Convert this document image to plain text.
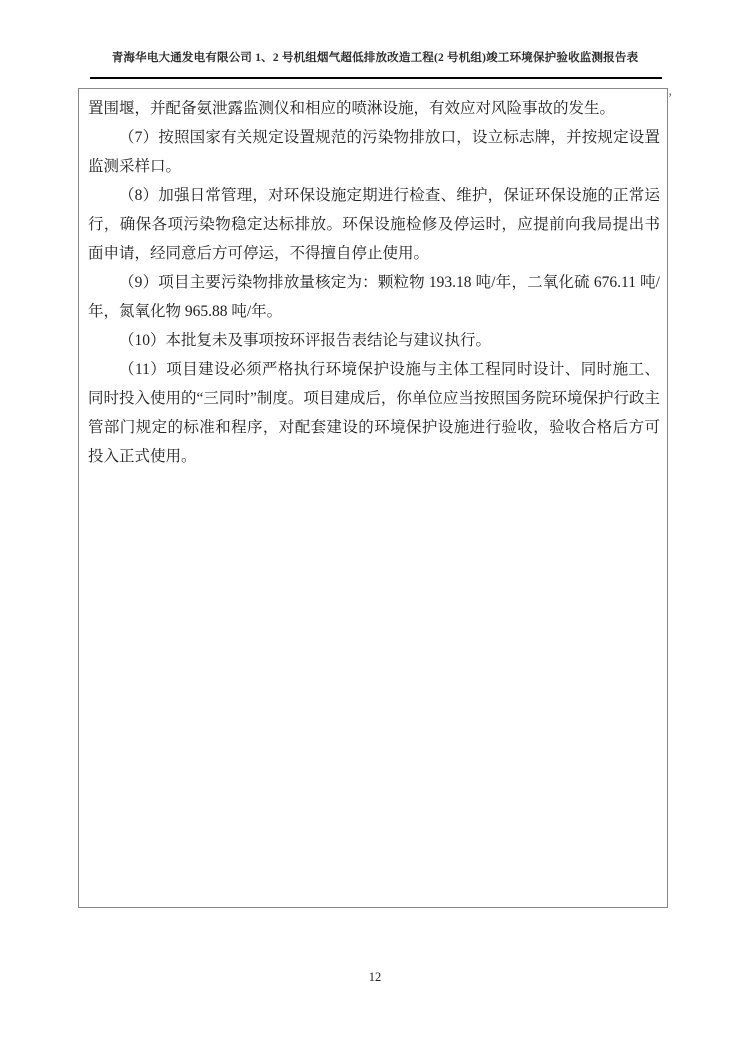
青海华电大通发电有限公司 1、2 号机组烟气超低排放改造工程(2 号机组)竣工环境保护验收监测报告表

置围堰，并配备氨泄露监测仪和相应的喷淋设施，有效应对风险事故的发生。

（7）按照国家有关规定设置规范的污染物排放口，设立标志牌，并按规定设置监测采样口。

（8）加强日常管理，对环保设施定期进行检查、维护，保证环保设施的正常运行，确保各项污染物稳定达标排放。环保设施检修及停运时，应提前向我局提出书面申请，经同意后方可停运，不得擅自停止使用。

（9）项目主要污染物排放量核定为：颗粒物 193.18 吨/年，二氧化硫 676.11 吨/年，氮氧化物 965.88 吨/年。

（10）本批复未及事项按环评报告表结论与建议执行。

（11）项目建设必须严格执行环境保护设施与主体工程同时设计、同时施工、同时投入使用的“三同时”制度。项目建成后，你单位应当按照国务院环境保护行政主管部门规定的标准和程序，对配套建设的环境保护设施进行验收，验收合格后方可投入正式使用。

ʼ
12
